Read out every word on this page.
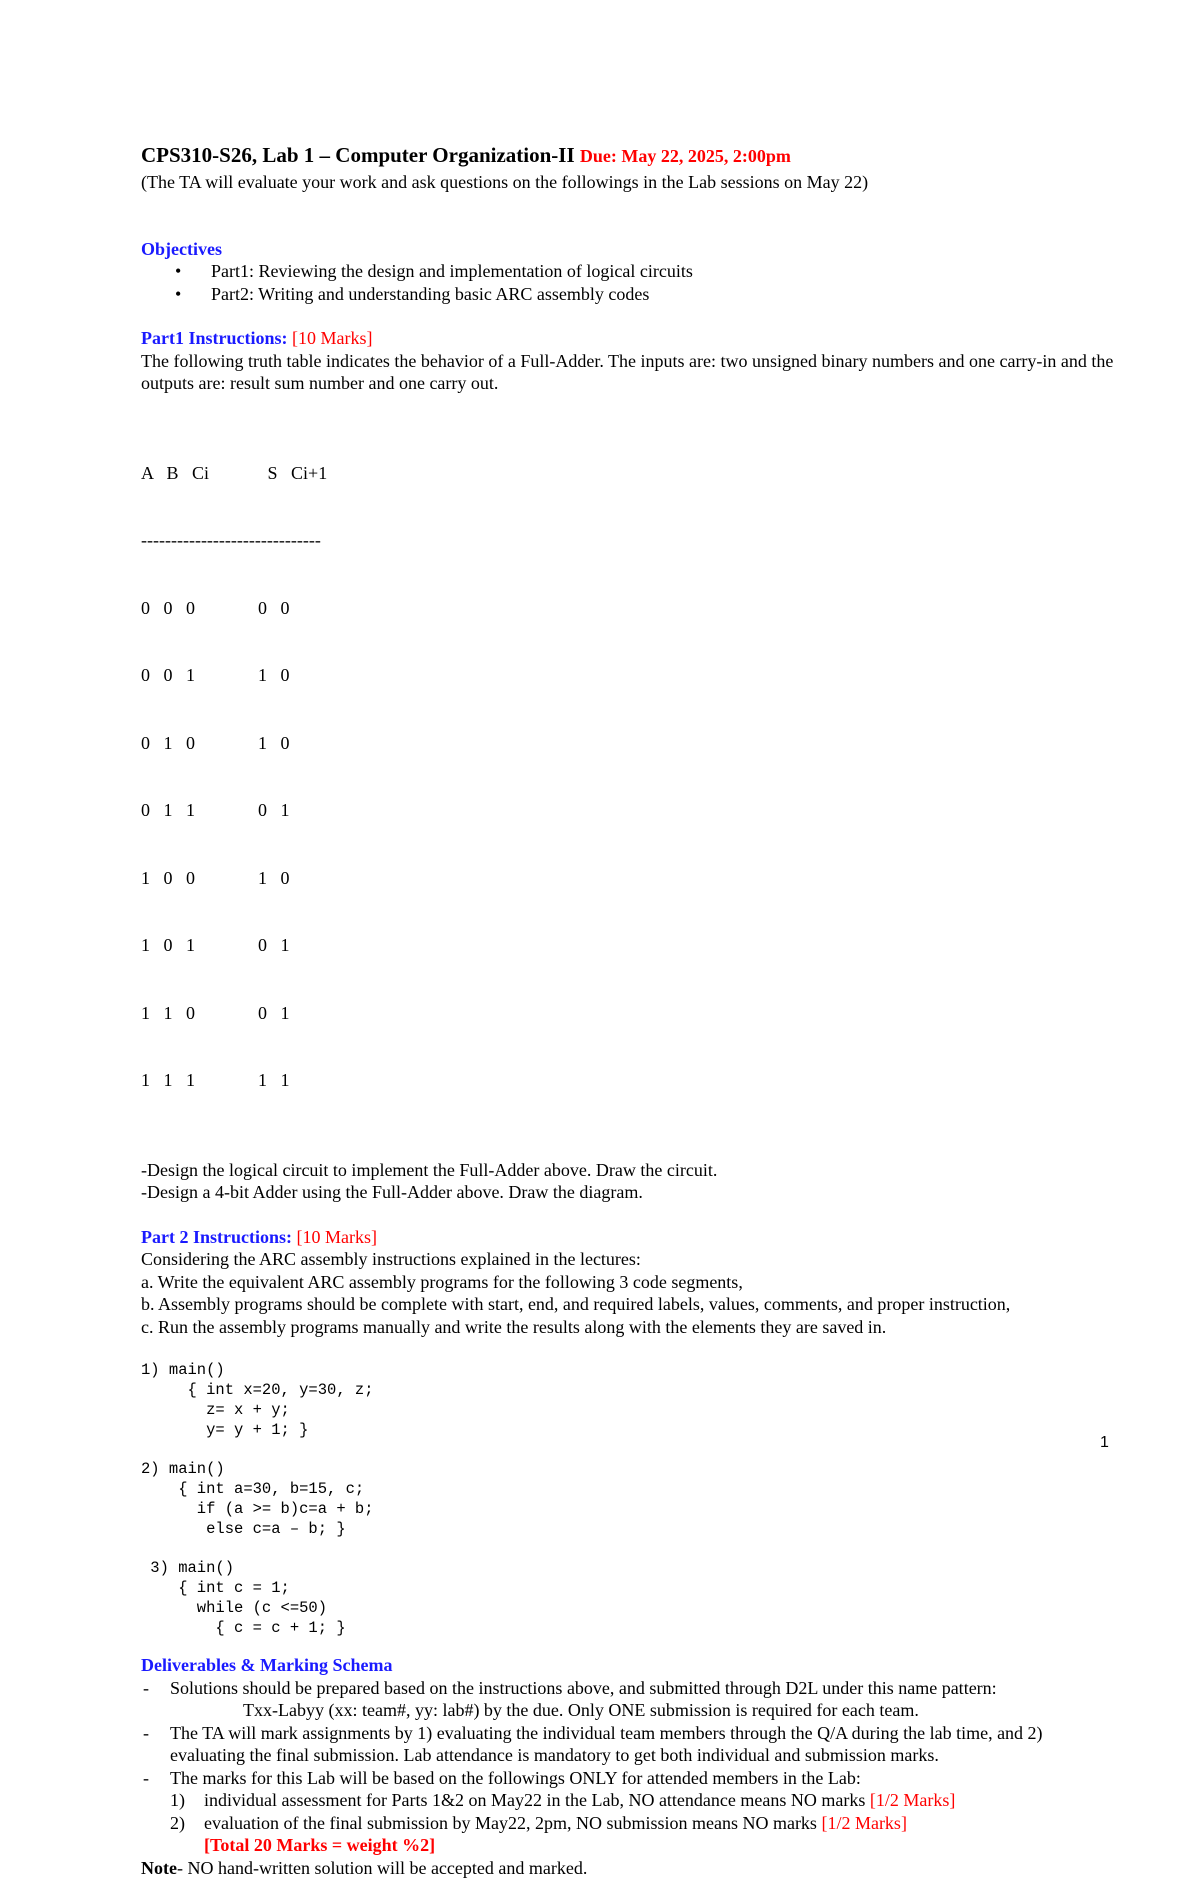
CPS310-S26, Lab 1 – Computer Organization-II Due: May 22, 2025, 2:00pm
(The TA will evaluate your work and ask questions on the followings in the Lab sessions on May 22)
Objectives
• Part1: Reviewing the design and implementation of logical circuits
• Part2: Writing and understanding basic ARC assembly codes
Part1 Instructions: [10 Marks]
The following truth table indicates the behavior of a Full-Adder. The inputs are: two unsigned binary numbers and one carry-in and the outputs are: result sum number and one carry out.

A   B   Ci             S   Ci+1

------------------------------

0   0   0              0   0

0   0   1              1   0

0   1   0              1   0

0   1   1              0   1

1   0   0              1   0

1   0   1              0   1

1   1   0              0   1

1   1   1              1   1

-Design the logical circuit to implement the Full-Adder above. Draw the circuit.
-Design a 4-bit Adder using the Full-Adder above. Draw the diagram.
Part 2 Instructions: [10 Marks]
Considering the ARC assembly instructions explained in the lectures:
a. Write the equivalent ARC assembly programs for the following 3 code segments,
b. Assembly programs should be complete with start, end, and required labels, values, comments, and proper instruction,
c. Run the assembly programs manually and write the results along with the elements they are saved in.
1) main()
{ int x=20, y=30, z;
z= x + y;
y= y + 1; }
2) main()
{ int a=30, b=15, c;
if (a >= b)c=a + b;
else c=a – b; }
3) main()
{ int c = 1;
while (c <=50)
{ c = c + 1; }
Deliverables & Marking Schema
- Solutions should be prepared based on the instructions above, and submitted through D2L under this name pattern:
Txx-Labyy (xx: team#, yy: lab#) by the due. Only ONE submission is required for each team.
- The TA will mark assignments by 1) evaluating the individual team members through the Q/A during the lab time, and 2) evaluating the final submission. Lab attendance is mandatory to get both individual and submission marks.
- The marks for this Lab will be based on the followings ONLY for attended members in the Lab:
1) individual assessment for Parts 1&2 on May22 in the Lab, NO attendance means NO marks [1/2 Marks]
2) evaluation of the final submission by May22, 2pm, NO submission means NO marks [1/2 Marks]
[Total 20 Marks = weight %2]
Note- NO hand-written solution will be accepted and marked.
1
